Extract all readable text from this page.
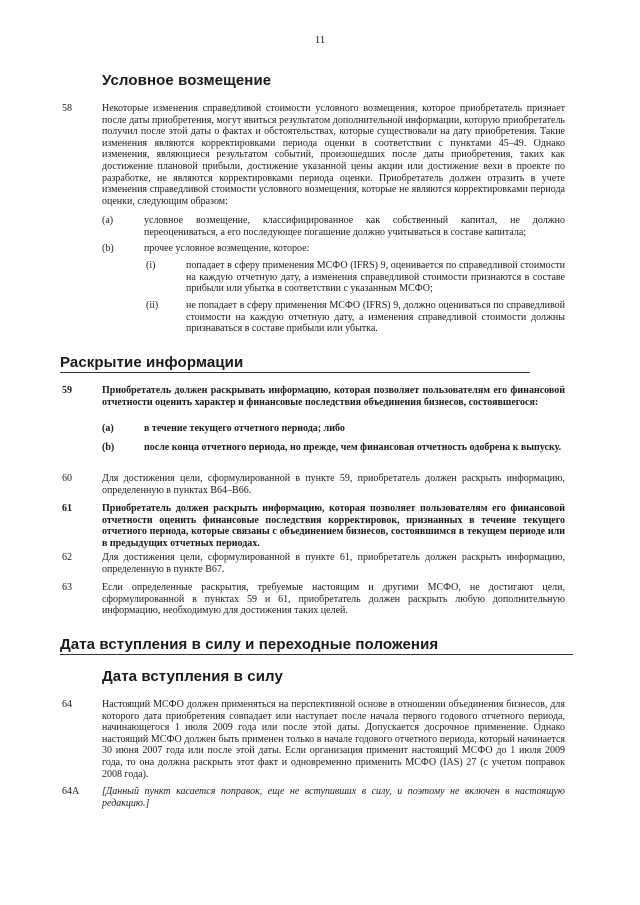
11
Условное возмещение
58	Некоторые изменения справедливой стоимости условного возмещения, которое приобретатель признает после даты приобретения, могут явиться результатом дополнительной информации, которую приобретатель получил после этой даты о фактах и обстоятельствах, которые существовали на дату приобретения. Такие изменения являются корректировками периода оценки в соответствии с пунктами 45–49. Однако изменения, являющиеся результатом событий, произошедших после даты приобретения, таких как достижение плановой прибыли, достижение указанной цены акции или достижение вехи в проекте по разработке, не являются корректировками периода оценки. Приобретатель должен отразить в учете изменения справедливой стоимости условного возмещения, которые не являются корректировками периода оценки, следующим образом:
(a)	условное возмещение, классифицированное как собственный капитал, не должно переоцениваться, а его последующее погашение должно учитываться в составе капитала;
(b)	прочее условное возмещение, которое:
(i)	попадает в сферу применения МСФО (IFRS) 9, оценивается по справедливой стоимости на каждую отчетную дату, а изменения справедливой стоимости признаются в составе прибыли или убытка в соответствии с указанным МСФО;
(ii)	не попадает в сферу применения МСФО (IFRS) 9, должно оцениваться по справедливой стоимости на каждую отчетную дату, а изменения справедливой стоимости должны признаваться в составе прибыли или убытка.
Раскрытие информации
59	Приобретатель должен раскрывать информацию, которая позволяет пользователям его финансовой отчетности оценить характер и финансовые последствия объединения бизнесов, состоявшегося:
(a)	в течение текущего отчетного периода; либо
(b)	после конца отчетного периода, но прежде, чем финансовая отчетность одобрена к выпуску.
60	Для достижения цели, сформулированной в пункте 59, приобретатель должен раскрыть информацию, определенную в пунктах B64–B66.
61	Приобретатель должен раскрыть информацию, которая позволяет пользователям его финансовой отчетности оценить финансовые последствия корректировок, признанных в течение текущего отчетного периода, которые связаны с объединением бизнесов, состоявшимся в текущем периоде или в предыдущих отчетных периодах.
62	Для достижения цели, сформулированной в пункте 61, приобретатель должен раскрыть информацию, определенную в пункте B67.
63	Если определенные раскрытия, требуемые настоящим и другими МСФО, не достигают цели, сформулированной в пунктах 59 и 61, приобретатель должен раскрыть любую дополнительную информацию, необходимую для достижения таких целей.
Дата вступления в силу и переходные положения
Дата вступления в силу
64	Настоящий МСФО должен применяться на перспективной основе в отношении объединения бизнесов, для которого дата приобретения совпадает или наступает после начала первого годового отчетного периода, начинающегося 1 июля 2009 года или после этой даты. Допускается досрочное применение. Однако настоящий МСФО должен быть применен только в начале годового отчетного периода, который начинается 30 июня 2007 года или после этой даты. Если организация применит настоящий МСФО до 1 июля 2009 года, то она должна раскрыть этот факт и одновременно применить МСФО (IAS) 27 (с учетом поправок 2008 года).
64A [Данный пункт касается поправок, еще не вступивших в силу, и поэтому не включен в настоящую редакцию.]
